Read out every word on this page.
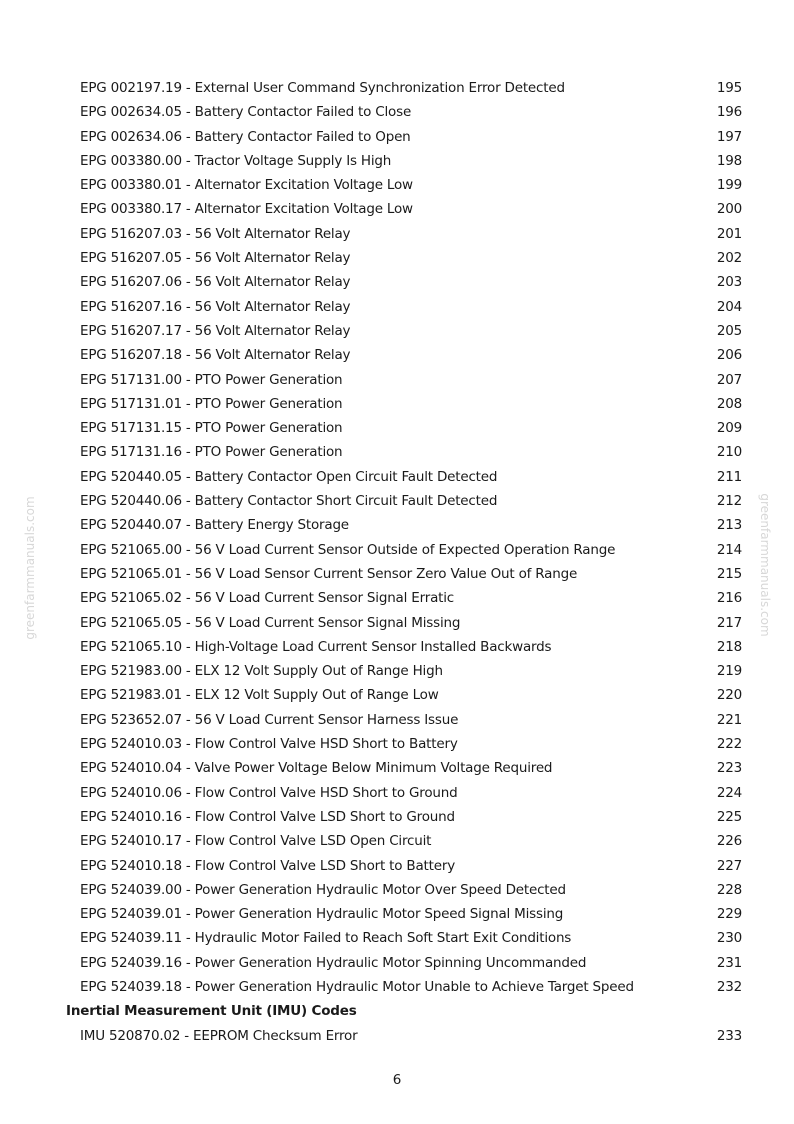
greenfarmmanuals.com	greenfarmmanuals.com
EPG 002197.19 - External User Command Synchronization Error Detected	195
EPG 002634.05 - Battery Contactor Failed to Close	196
EPG 002634.06 - Battery Contactor Failed to Open	197
EPG 003380.00 - Tractor Voltage Supply Is High	198
EPG 003380.01 - Alternator Excitation Voltage Low	199
EPG 003380.17 - Alternator Excitation Voltage Low	200
EPG 516207.03 - 56 Volt Alternator Relay	201
EPG 516207.05 - 56 Volt Alternator Relay	202
EPG 516207.06 - 56 Volt Alternator Relay	203
EPG 516207.16 - 56 Volt Alternator Relay	204
EPG 516207.17 - 56 Volt Alternator Relay	205
EPG 516207.18 - 56 Volt Alternator Relay	206
EPG 517131.00 - PTO Power Generation	207
EPG 517131.01 - PTO Power Generation	208
EPG 517131.15 - PTO Power Generation	209
EPG 517131.16 - PTO Power Generation	210
EPG 520440.05 - Battery Contactor Open Circuit Fault Detected	211
EPG 520440.06 - Battery Contactor Short Circuit Fault Detected	212
EPG 520440.07 - Battery Energy Storage	213
EPG 521065.00 - 56 V Load Current Sensor Outside of Expected Operation Range	214
EPG 521065.01 - 56 V Load Sensor Current Sensor Zero Value Out of Range	215
EPG 521065.02 - 56 V Load Current Sensor Signal Erratic	216
EPG 521065.05 - 56 V Load Current Sensor Signal Missing	217
EPG 521065.10 - High-Voltage Load Current Sensor Installed Backwards	218
EPG 521983.00 - ELX 12 Volt Supply Out of Range High	219
EPG 521983.01 - ELX 12 Volt Supply Out of Range Low	220
EPG 523652.07 - 56 V Load Current Sensor Harness Issue	221
EPG 524010.03 - Flow Control Valve HSD Short to Battery	222
EPG 524010.04 - Valve Power Voltage Below Minimum Voltage Required	223
EPG 524010.06 - Flow Control Valve HSD Short to Ground	224
EPG 524010.16 - Flow Control Valve LSD Short to Ground	225
EPG 524010.17 - Flow Control Valve LSD Open Circuit	226
EPG 524010.18 - Flow Control Valve LSD Short to Battery	227
EPG 524039.00 - Power Generation Hydraulic Motor Over Speed Detected	228
EPG 524039.01 - Power Generation Hydraulic Motor Speed Signal Missing	229
EPG 524039.11 - Hydraulic Motor Failed to Reach Soft Start Exit Conditions	230
EPG 524039.16 - Power Generation Hydraulic Motor Spinning Uncommanded	231
EPG 524039.18 - Power Generation Hydraulic Motor Unable to Achieve Target Speed	232
Inertial Measurement Unit (IMU) Codes
IMU 520870.02 - EEPROM Checksum Error	233
6
